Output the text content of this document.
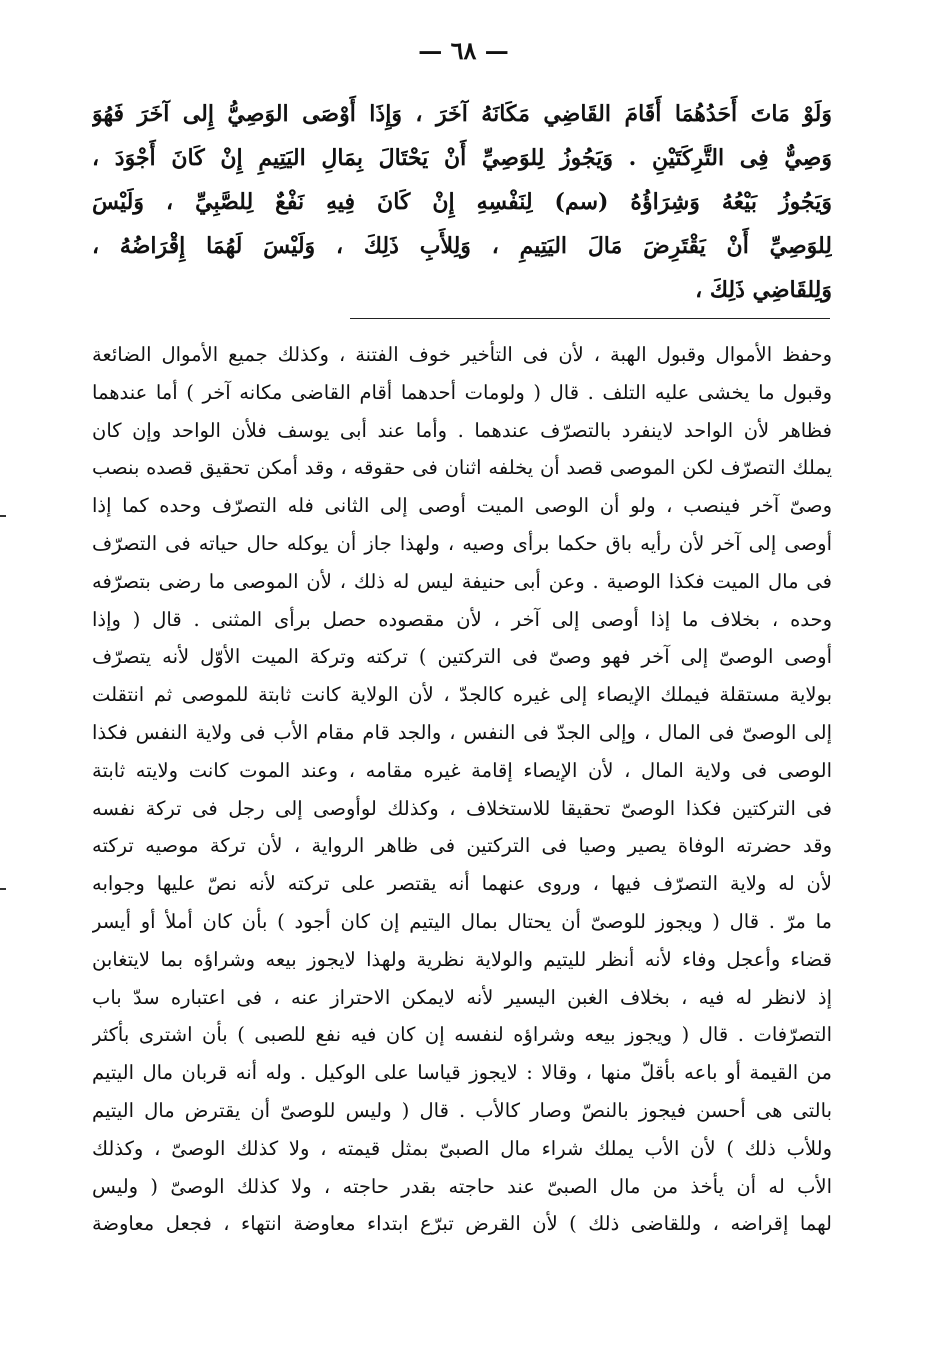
— ٦٨ —
وَلَوْ مَاتَ أَحَدُهُمَا أَقَامَ القَاضِي مَكَانَهُ آخَرَ ، وَإِذَا أَوْصَى الوَصِيُّ إِلى آخَرَ فَهُوَ
وَصِيٌّ فِى التَّرِكَتَيْنِ . وَيَجُوزُ لِلوَصِيِّ أَنْ يَحْتَالَ بِمَالِ اليَتِيمِ إِنْ كَانَ أَجْوَدَ ،
وَيَجُوزُ بَيْعُهُ وَشِرَاؤُهُ (سم) لِنَفْسِهِ إِنْ كَانَ فِيهِ نَفْعٌ لِلصَّبِيِّ ، وَلَيْسَ
لِلوَصِيِّ أَنْ يَقْتَرِضَ مَالَ اليَتِيمِ ، وَلِلأَبِ ذَلِكَ ، وَلَيْسَ لَهُمَا إِقْرَاضُهُ ،
وَلِلقَاضِي ذَلِكَ ،
وحفظ الأموال وقبول الهبة ، لأن فى التأخير خوف الفتنة ، وكذلك جميع الأموال الضائعة
وقبول ما يخشى عليه التلف . قال ( ولومات أحدهما أقام القاضى مكانه آخر ) أما عندهما
فظاهر لأن الواحد لاينفرد بالتصرّف عندهما . وأما عند أبى يوسف فلأن الواحد وإن كان
يملك التصرّف لكن الموصى قصد أن يخلفه اثنان فى حقوقه ، وقد أمكن تحقيق قصده بنصب
وصىّ آخر فينصب ، ولو أن الوصى الميت أوصى إلى الثانى فله التصرّف وحده كما إذا
أوصى إلى آخر لأن رأيه باق حكما برأى وصيه ، ولهذا جاز أن يوكله حال حياته فى التصرّف
فى مال الميت فكذا الوصية . وعن أبى حنيفة ليس له ذلك ، لأن الموصى ما رضى بتصرّفه
وحده ، بخلاف ما إذا أوصى إلى آخر ، لأن مقصوده حصل برأى المثنى . قال ( وإذا
أوصى الوصىّ إلى آخر فهو وصىّ فى التركتين ) تركته وتركة الميت الأوّل لأنه يتصرّف
بولاية مستقلة فيملك الإيصاء إلى غيره كالجدّ ، لأن الولاية كانت ثابتة للموصى ثم انتقلت
إلى الوصىّ فى المال ، وإلى الجدّ فى النفس ، والجد قام مقام الأب فى ولاية النفس فكذا
الوصى فى ولاية المال ، لأن الإيصاء إقامة غيره مقامه ، وعند الموت كانت ولايته ثابتة
فى التركتين فكذا الوصىّ تحقيقا للاستخلاف ، وكذلك لوأوصى إلى رجل فى تركة نفسه
وقد حضرته الوفاة يصير وصيا فى التركتين فى ظاهر الرواية ، لأن تركة موصيه تركته
لأن له ولاية التصرّف فيها ، وروى عنهما أنه يقتصر على تركته لأنه نصّ عليها وجوابه
ما مرّ . قال ( ويجوز للوصىّ أن يحتال بمال اليتيم إن كان أجود ) بأن كان أملأ أو أيسر
قضاء وأعجل وفاء لأنه أنظر لليتيم والولاية نظرية ولهذا لايجوز بيعه وشراؤه بما لايتغابن
إذ لانظر له فيه ، بخلاف الغبن اليسير لأنه لايمكن الاحتراز عنه ، فى اعتباره سدّ باب
التصرّفات . قال ( ويجوز بيعه وشراؤه لنفسه إن كان فيه نفع للصبى ) بأن اشترى بأكثر
من القيمة أو باعه بأقلّ منها ، وقالا : لايجوز قياسا على الوكيل . وله أنه قربان مال اليتيم
بالتى هى أحسن فيجوز بالنصّ وصار كالأب . قال ( وليس للوصىّ أن يقترض مال اليتيم
وللأب ذلك ) لأن الأب يملك شراء مال الصبىّ بمثل قيمته ، ولا كذلك الوصىّ ، وكذلك
الأب له أن يأخذ من مال الصبىّ عند حاجته بقدر حاجته ، ولا كذلك الوصىّ ( وليس
لهما إقراضه ، وللقاضى ذلك ) لأن القرض تبرّع ابتداء معاوضة انتهاء ، فجعل معاوضة
